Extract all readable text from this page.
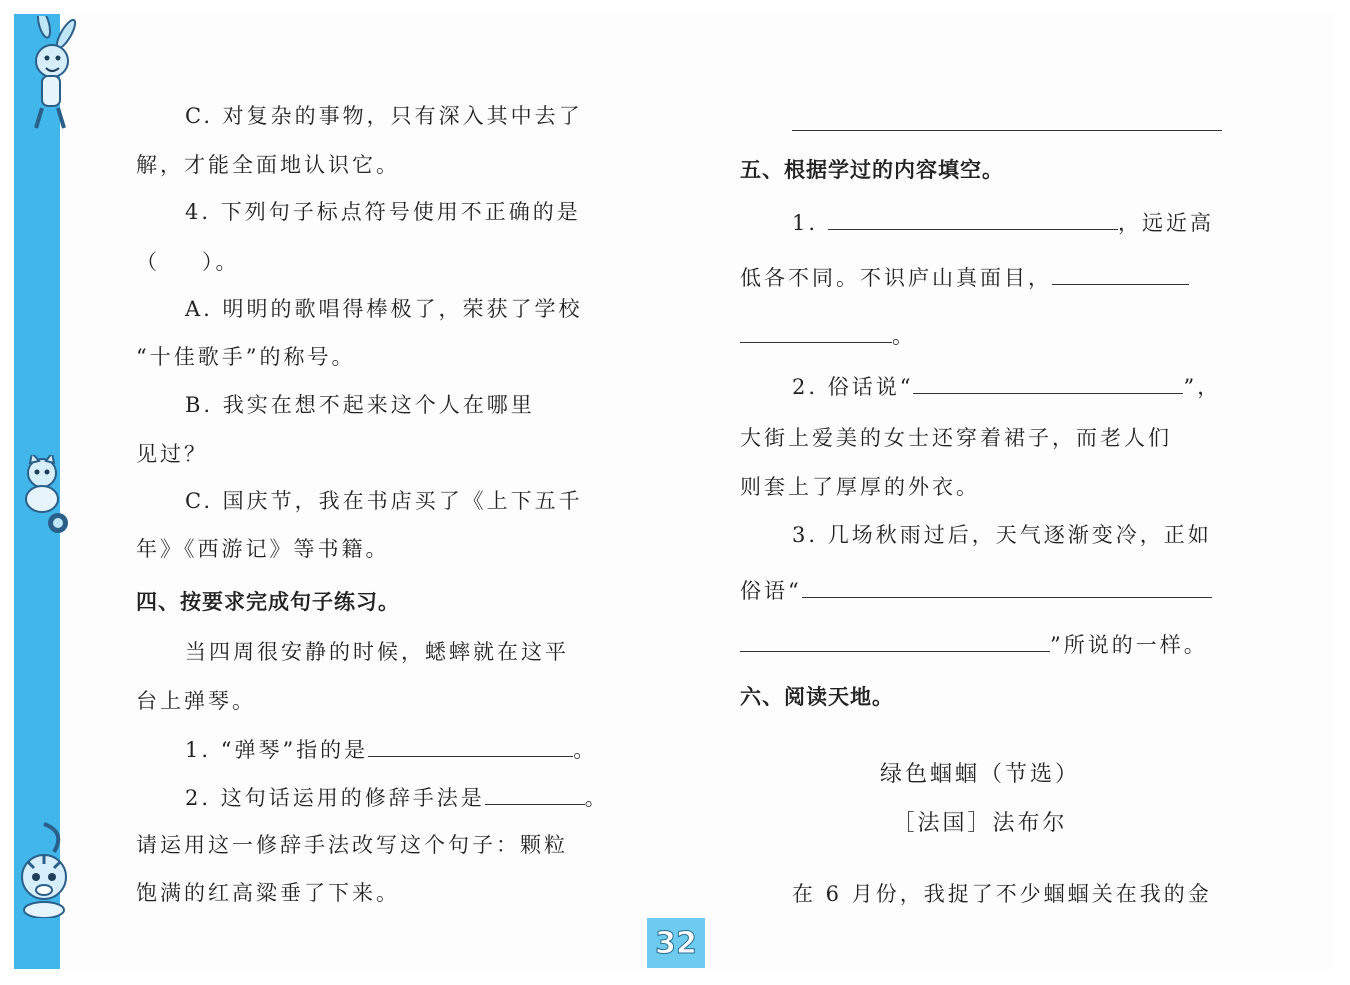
C. 对复杂的事物，只有深入其中去了
解，才能全面地认识它。
4. 下列句子标点符号使用不正确的是
（ ）。
A. 明明的歌唱得棒极了，荣获了学校
“十佳歌手”的称号。
B. 我实在想不起来这个人在哪里
见过？
C. 国庆节，我在书店买了《上下五千
年》《西游记》等书籍。
四、按要求完成句子练习。
当四周很安静的时候，蟋蟀就在这平
台上弹琴。
1. “弹琴”指的是	。
2. 这句话运用的修辞手法是	。
请运用这一修辞手法改写这个句子：颗粒
饱满的红高粱垂了下来。
五、根据学过的内容填空。
1.	，远近高
低各不同。不识庐山真面目，
。
2. 俗话说“	”，
大街上爱美的女士还穿着裙子，而老人们
则套上了厚厚的外衣。
3. 几场秋雨过后，天气逐渐变冷，正如
俗语“
”所说的一样。
六、阅读天地。
绿色蝈蝈（节选）
［法国］法布尔
在 6 月份，我捉了不少蝈蝈关在我的金
32
